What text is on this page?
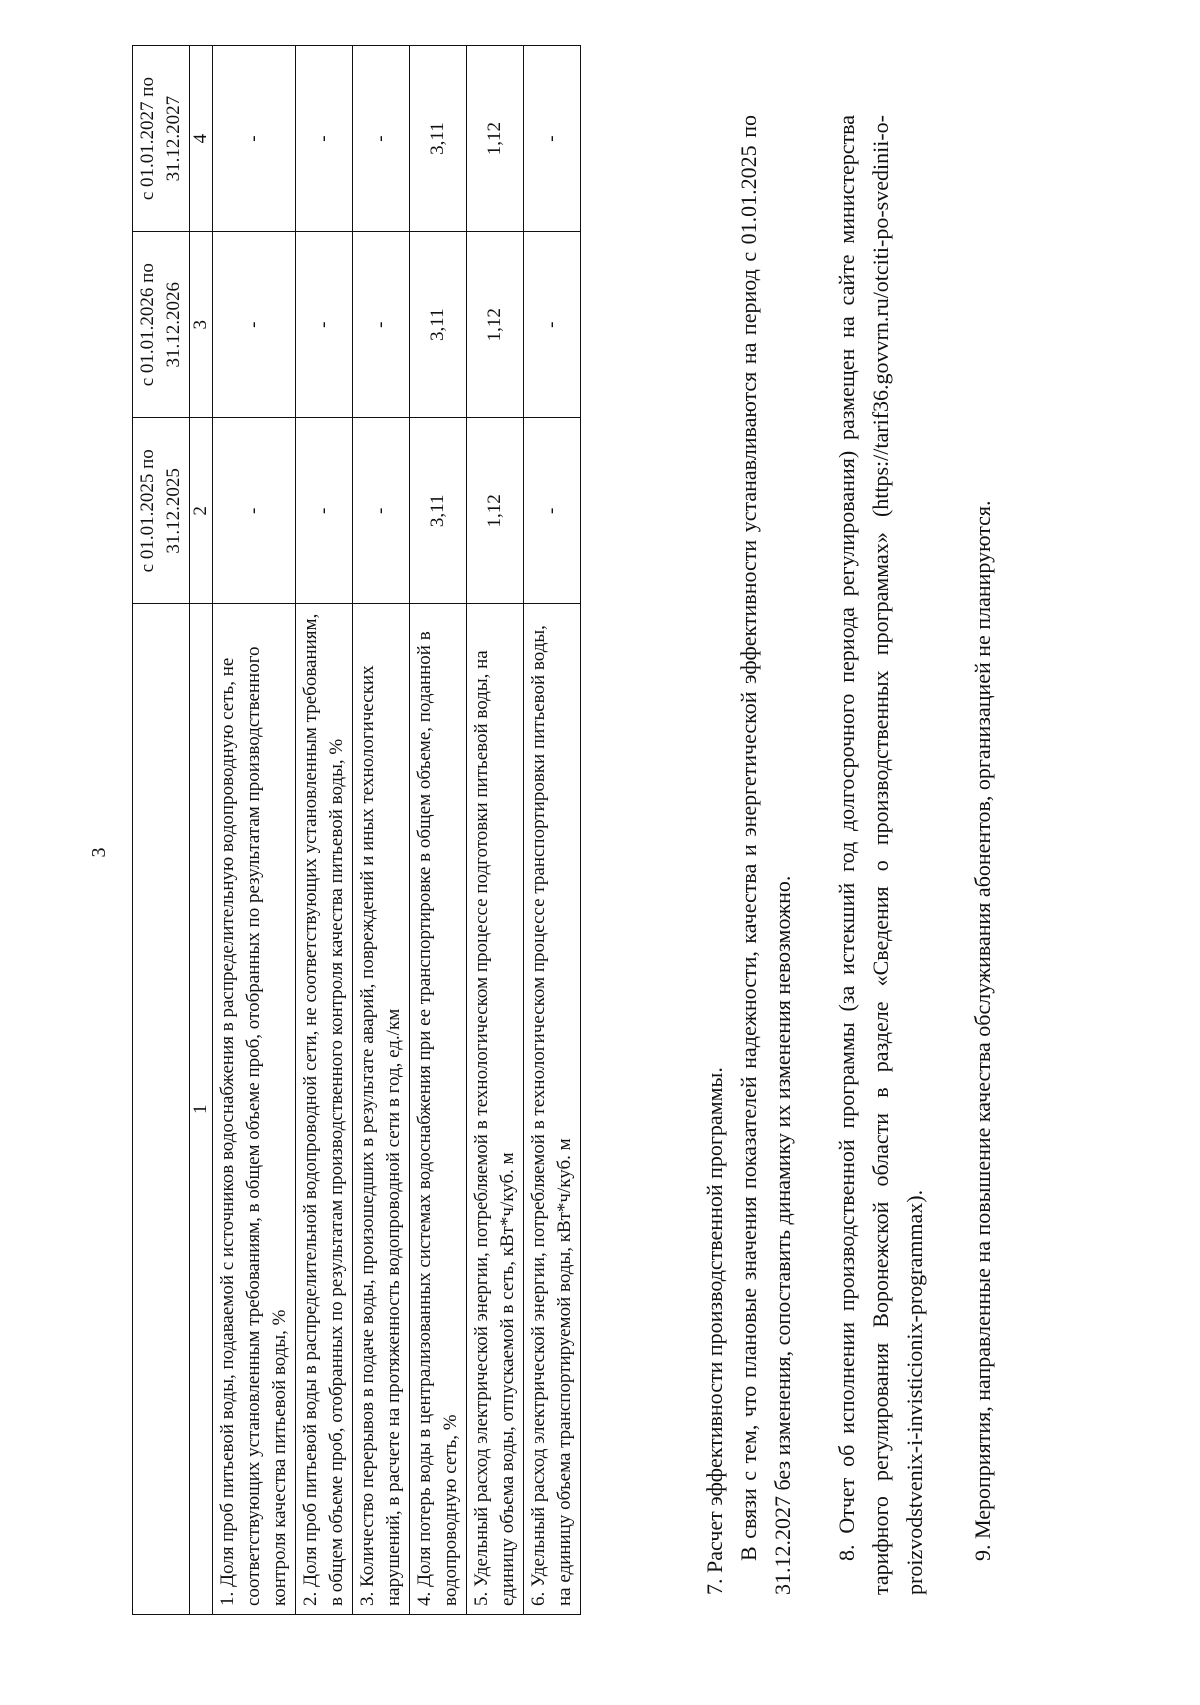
3
	с 01.01.2025 по 31.12.2025	с 01.01.2026 по 31.12.2026	с 01.01.2027 по 31.12.2027
1	2	3	4
1. Доля проб питьевой воды, подаваемой с источников водоснабжения в распределительную водопроводную сеть, не соответствующих установленным требованиям, в общем объеме проб, отобранных по результатам производственного контроля качества питьевой воды, %	-	-	-
2. Доля проб питьевой воды в распределительной водопроводной сети, не соответствующих установленным требованиям, в общем объеме проб, отобранных по результатам производственного контроля качества питьевой воды, %	-	-	-
3. Количество перерывов в подаче воды, произошедших в результате аварий, повреждений и иных технологических нарушений, в расчете на протяженность водопроводной сети в год, ед./км	-	-	-
4. Доля потерь воды в централизованных системах водоснабжения при ее транспортировке в общем объеме, поданной в водопроводную сеть, %	3,11	3,11	3,11
5. Удельный расход электрической энергии, потребляемой в технологическом процессе подготовки питьевой воды, на единицу объема воды, отпускаемой в сеть, кВт*ч/куб. м	1,12	1,12	1,12
6. Удельный расход электрической энергии, потребляемой в технологическом процессе транспортировки питьевой воды, на единицу объема транспортируемой воды, кВт*ч/куб. м	-	-	-

7. Расчет эффективности производственной программы. В связи с тем, что плановые значения показателей надежности, качества и энергетической эффективности устанавливаются на период с 01.01.2025 по 31.12.2027 без изменения, сопоставить динамику их изменения невозможно. 8. Отчет об исполнении производственной программы (за истекший год долгосрочного периода регулирования) размещен на сайте министерства тарифного регулирования Воронежской области в разделе «Сведения о производственных программах» (https://tarif36.govvrn.ru/otciti-po-svedinii-o-proizvodstvenix-i-invisticionix-programmax). 9. Мероприятия, направленные на повышение качества обслуживания абонентов, организацией не планируются.
